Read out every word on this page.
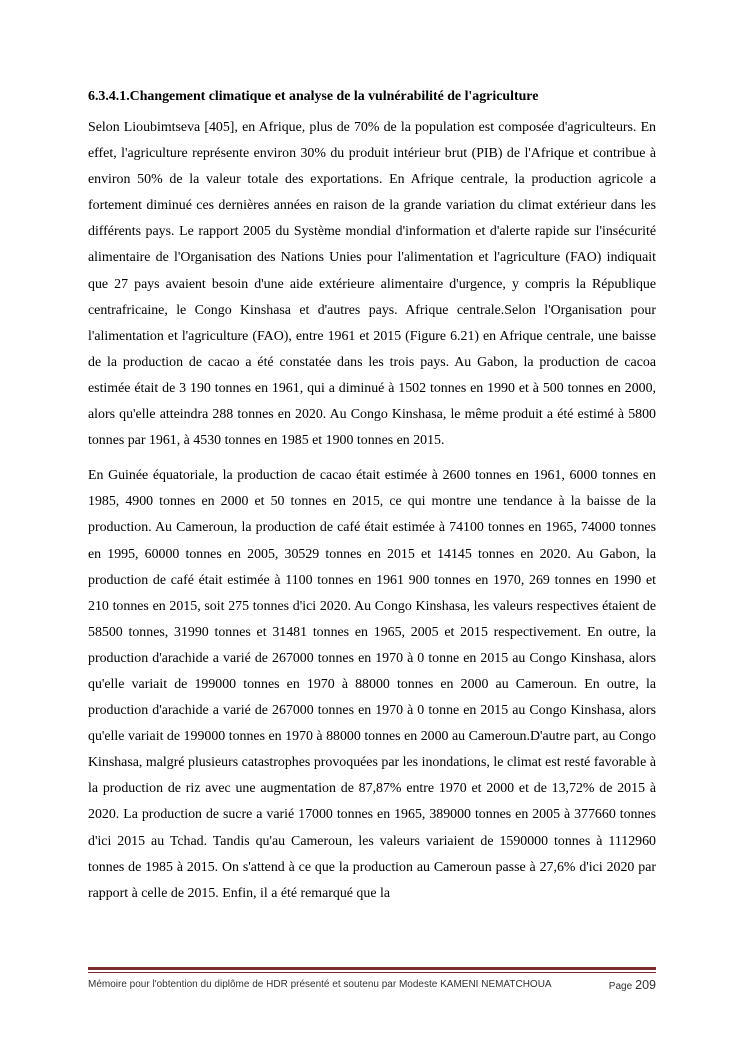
6.3.4.1.Changement climatique et analyse de la vulnérabilité de l'agriculture

Selon Lioubimtseva [405], en Afrique, plus de 70% de la population est composée d'agriculteurs. En effet, l'agriculture représente environ 30% du produit intérieur brut (PIB) de l'Afrique et contribue à environ 50% de la valeur totale des exportations. En Afrique centrale, la production agricole a fortement diminué ces dernières années en raison de la grande variation du climat extérieur dans les différents pays. Le rapport 2005 du Système mondial d'information et d'alerte rapide sur l'insécurité alimentaire de l'Organisation des Nations Unies pour l'alimentation et l'agriculture (FAO) indiquait que 27 pays avaient besoin d'une aide extérieure alimentaire d'urgence, y compris la République centrafricaine, le Congo Kinshasa et d'autres pays. Afrique centrale.Selon l'Organisation pour l'alimentation et l'agriculture (FAO), entre 1961 et 2015 (Figure 6.21) en Afrique centrale, une baisse de la production de cacao a été constatée dans les trois pays. Au Gabon, la production de cacoa estimée était de 3 190 tonnes en 1961, qui a diminué à 1502 tonnes en 1990 et à 500 tonnes en 2000, alors qu'elle atteindra 288 tonnes en 2020. Au Congo Kinshasa, le même produit a été estimé à 5800 tonnes par 1961, à 4530 tonnes en 1985 et 1900 tonnes en 2015.

En Guinée équatoriale, la production de cacao était estimée à 2600 tonnes en 1961, 6000 tonnes en 1985, 4900 tonnes en 2000 et 50 tonnes en 2015, ce qui montre une tendance à la baisse de la production. Au Cameroun, la production de café était estimée à 74100 tonnes en 1965, 74000 tonnes en 1995, 60000 tonnes en 2005, 30529 tonnes en 2015 et 14145 tonnes en 2020. Au Gabon, la production de café était estimée à 1100 tonnes en 1961 900 tonnes en 1970, 269 tonnes en 1990 et 210 tonnes en 2015, soit 275 tonnes d'ici 2020. Au Congo Kinshasa, les valeurs respectives étaient de 58500 tonnes, 31990 tonnes et 31481 tonnes en 1965, 2005 et 2015 respectivement. En outre, la production d'arachide a varié de 267000 tonnes en 1970 à 0 tonne en 2015 au Congo Kinshasa, alors qu'elle variait de 199000 tonnes en 1970 à 88000 tonnes en 2000 au Cameroun. En outre, la production d'arachide a varié de 267000 tonnes en 1970 à 0 tonne en 2015 au Congo Kinshasa, alors qu'elle variait de 199000 tonnes en 1970 à 88000 tonnes en 2000 au Cameroun.D'autre part, au Congo Kinshasa, malgré plusieurs catastrophes provoquées par les inondations, le climat est resté favorable à la production de riz avec une augmentation de 87,87% entre 1970 et 2000 et de 13,72% de 2015 à 2020. La production de sucre a varié 17000 tonnes en 1965, 389000 tonnes en 2005 à 377660 tonnes d'ici 2015 au Tchad. Tandis qu'au Cameroun, les valeurs variaient de 1590000 tonnes à 1112960 tonnes de 1985 à 2015. On s'attend à ce que la production au Cameroun passe à 27,6% d'ici 2020 par rapport à celle de 2015. Enfin, il a été remarqué que la

Mémoire pour l'obtention du diplôme de HDR présenté et soutenu par Modeste KAMENI NEMATCHOUA	Page 209
